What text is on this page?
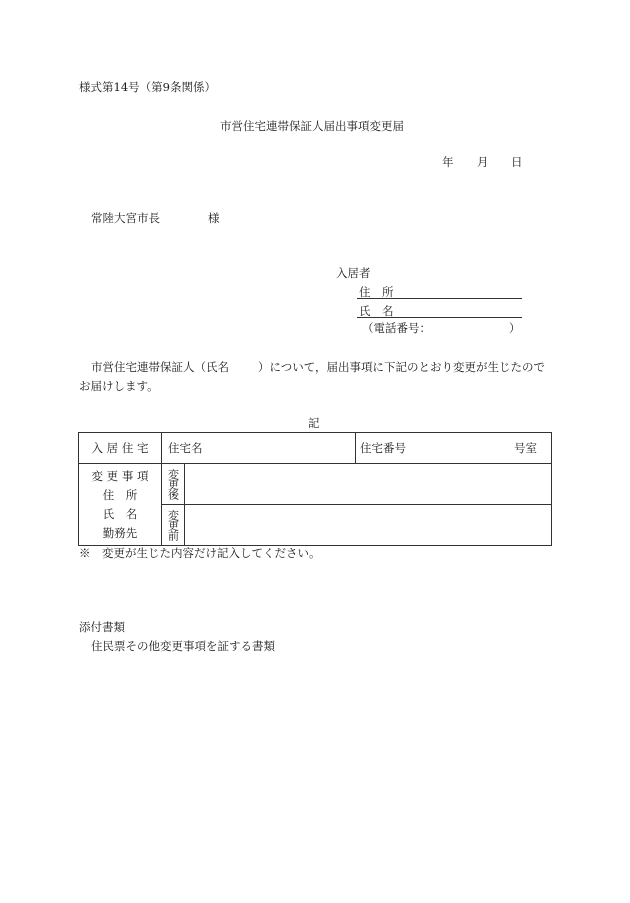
様式第14号（第9条関係）
市営住宅連帯保証人届出事項変更届
年 月 日
常陸大宮市長	様
入居者
住　所
氏　名
（電話番号：	）
市営住宅連帯保証人（氏名	）について，届出事項に下記のとおり変更が生じたので
お届けします。
記
入 居 住 宅	住宅名		住宅番号 号室

変 更 事 項
住　所
氏　名
勤務先	変更後		

	変更前		

※　変更が生じた内容だけ記入してください。
添付書類
住民票その他変更事項を証する書類
